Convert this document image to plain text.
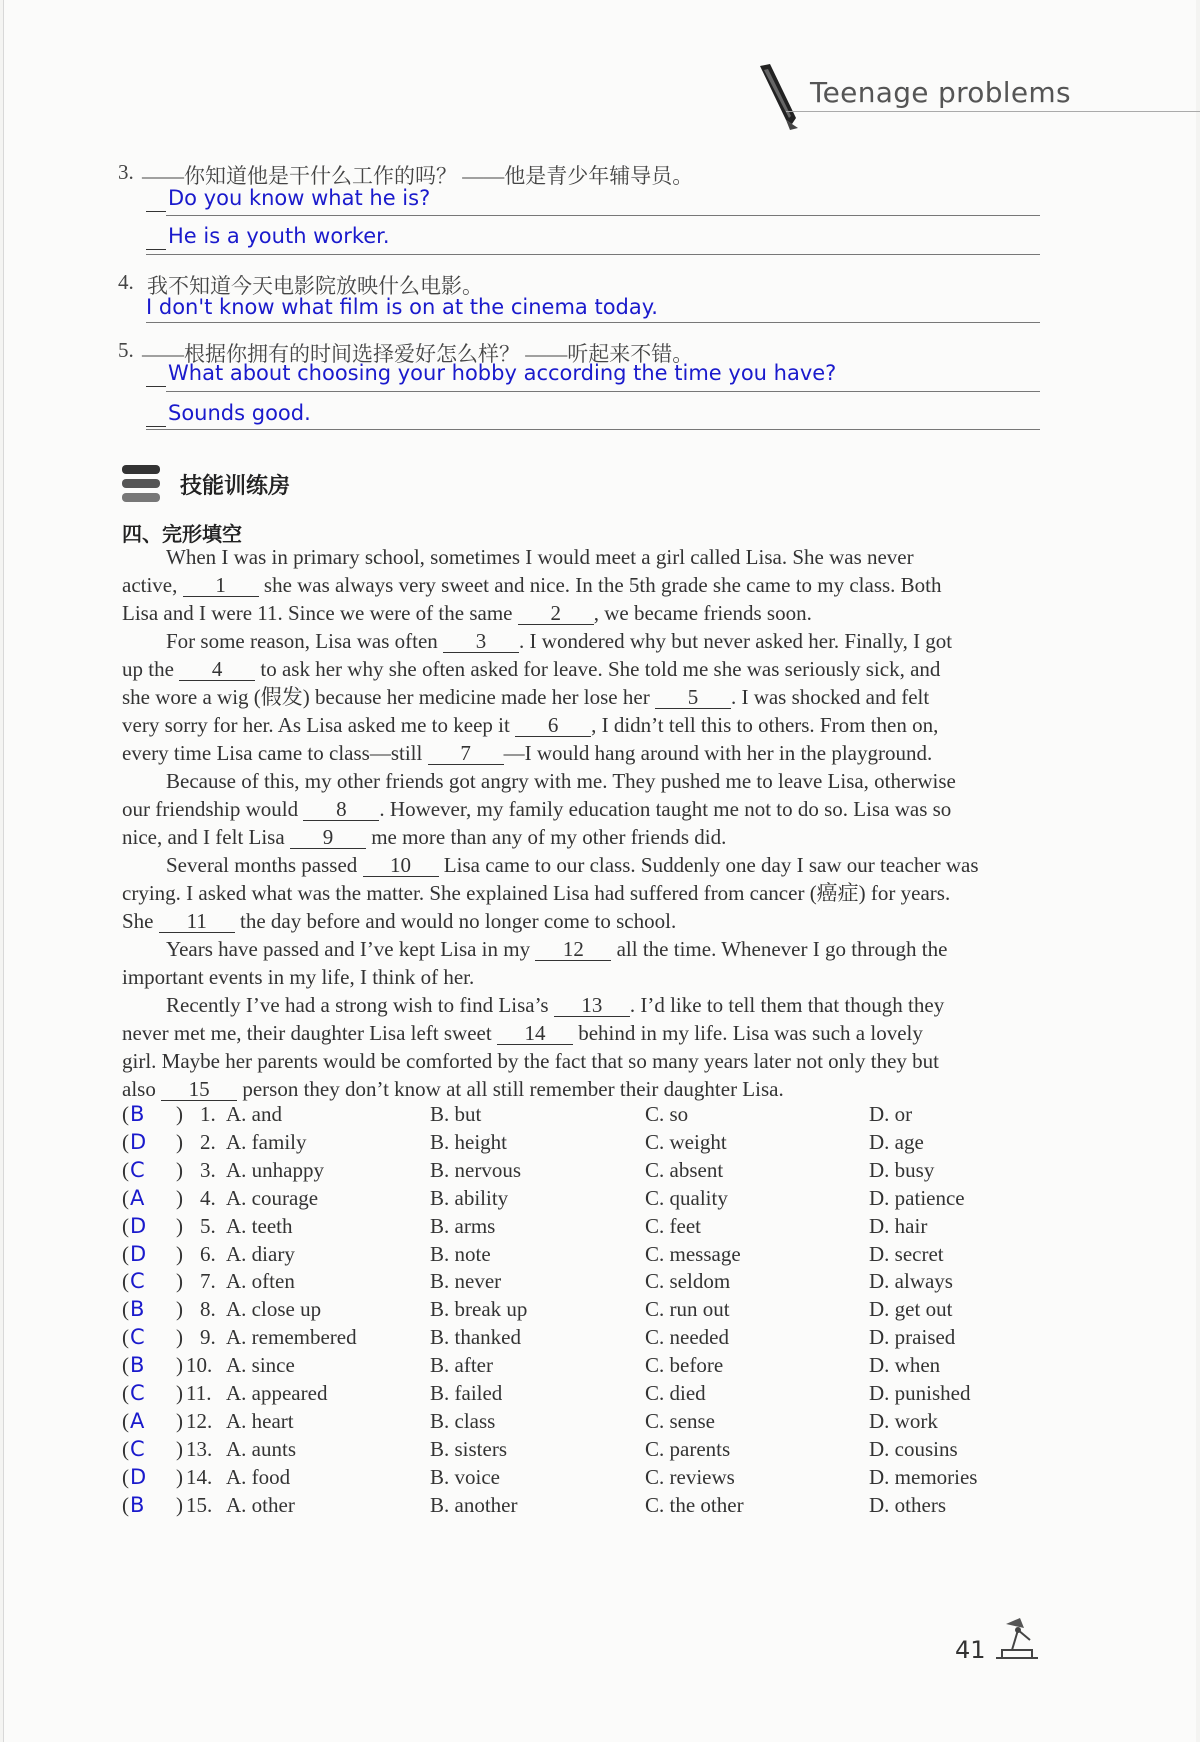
Teenage problems
3. ——你知道他是干什么工作的吗？ ——他是青少年辅导员。
Do you know what he is?
He is a youth worker.
4. 我不知道今天电影院放映什么电影。
I don't know what film is on at the cinema today.
5. ——根据你拥有的时间选择爱好怎么样？ ——听起来不错。
What about choosing your hobby according the time you have?
Sounds good.
技能训练房
四、完形填空
When I was in primary school, sometimes I would meet a girl called Lisa. She was never
active, 1 she was always very sweet and nice. In the 5th grade she came to my class. Both
Lisa and I were 11. Since we were of the same 2 , we became friends soon.
For some reason, Lisa was often 3 . I wondered why but never asked her. Finally, I got
up the 4 to ask her why she often asked for leave. She told me she was seriously sick, and
she wore a wig (假发) because her medicine made her lose her 5 . I was shocked and felt
very sorry for her. As Lisa asked me to keep it 6 , I didn’t tell this to others. From then on,
every time Lisa came to class—still 7 —I would hang around with her in the playground.
Because of this, my other friends got angry with me. They pushed me to leave Lisa, otherwise
our friendship would 8 . However, my family education taught me not to do so. Lisa was so
nice, and I felt Lisa 9 me more than any of my other friends did.
Several months passed 10 Lisa came to our class. Suddenly one day I saw our teacher was
crying. I asked what was the matter. She explained Lisa had suffered from cancer (癌症) for years.
She 11 the day before and would no longer come to school.
Years have passed and I’ve kept Lisa in my 12 all the time. Whenever I go through the
important events in my life, I think of her.
Recently I’ve had a strong wish to find Lisa’s 13 . I’d like to tell them that though they
never met me, their daughter Lisa left sweet 14 behind in my life. Lisa was such a lovely
girl. Maybe her parents would be comforted by the fact that so many years later not only they but
also 15 person they don’t know at all still remember their daughter Lisa.
( B ) 1. A. and	B. but	C. so	D. or
( D ) 2. A. family	B. height	C. weight	D. age
( C ) 3. A. unhappy	B. nervous	C. absent	D. busy
( A ) 4. A. courage	B. ability	C. quality	D. patience
( D ) 5. A. teeth	B. arms	C. feet	D. hair
( D ) 6. A. diary	B. note	C. message	D. secret
( C ) 7. A. often	B. never	C. seldom	D. always
( B ) 8. A. close up	B. break up	C. run out	D. get out
( C ) 9. A. remembered	B. thanked	C. needed	D. praised
( B ) 10. A. since	B. after	C. before	D. when
( C ) 11. A. appeared	B. failed	C. died	D. punished
( A ) 12. A. heart	B. class	C. sense	D. work
( C ) 13. A. aunts	B. sisters	C. parents	D. cousins
( D ) 14. A. food	B. voice	C. reviews	D. memories
( B ) 15. A. other	B. another	C. the other	D. others
41
